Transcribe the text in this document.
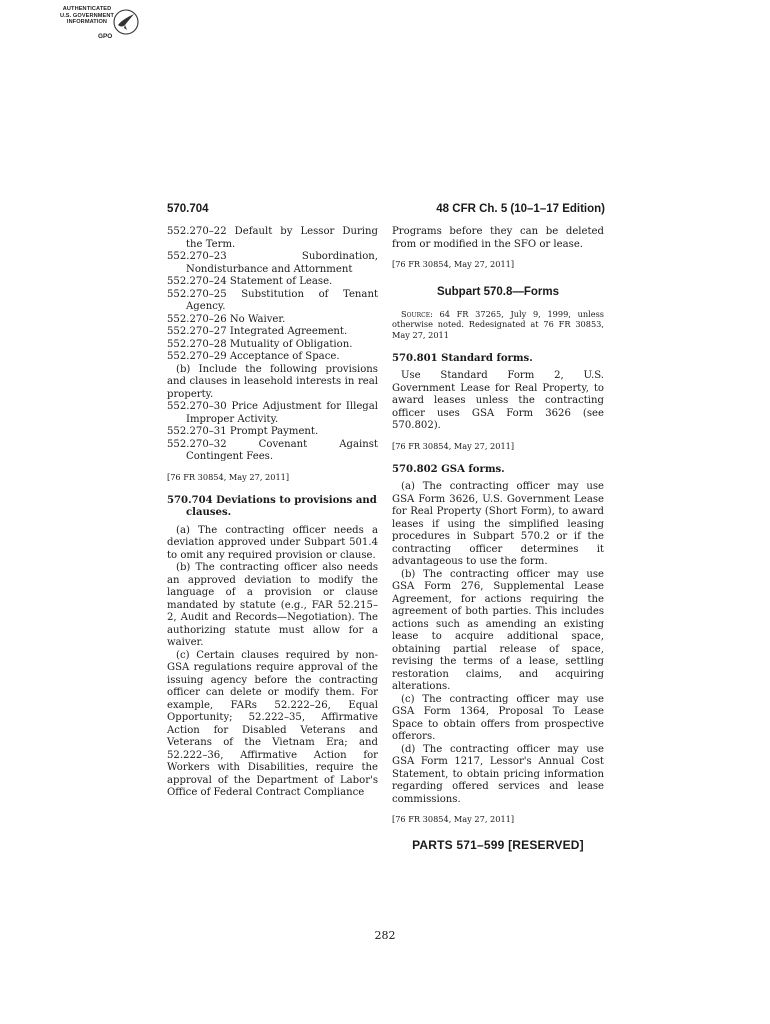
AUTHENTICATED
U.S. GOVERNMENT
INFORMATION
GPO
570.704	48 CFR Ch. 5 (10–1–17 Edition)

552.270–22 Default by Lessor During the Term.

552.270–23 Subordination, Nondisturbance and Attornment

552.270–24 Statement of Lease.

552.270–25 Substitution of Tenant Agency.

552.270–26 No Waiver.

552.270–27 Integrated Agreement.

552.270–28 Mutuality of Obligation.

552.270–29 Acceptance of Space.

(b) Include the following provisions and clauses in leasehold interests in real property.

552.270–30 Price Adjustment for Illegal Improper Activity.

552.270–31 Prompt Payment.

552.270–32 Covenant Against Contingent Fees.

[76 FR 30854, May 27, 2011]

570.704 Deviations to provisions and clauses.

(a) The contracting officer needs a deviation approved under Subpart 501.4 to omit any required provision or clause.

(b) The contracting officer also needs an approved deviation to modify the language of a provision or clause mandated by statute (e.g., FAR 52.215–2, Audit and Records—Negotiation). The authorizing statute must allow for a waiver.

(c) Certain clauses required by non-GSA regulations require approval of the issuing agency before the contracting officer can delete or modify them. For example, FARs 52.222–26, Equal Opportunity; 52.222–35, Affirmative Action for Disabled Veterans and Veterans of the Vietnam Era; and 52.222–36, Affirmative Action for Workers with Disabilities, require the approval of the Department of Labor's Office of Federal Contract Compliance

Programs before they can be deleted from or modified in the SFO or lease.

[76 FR 30854, May 27, 2011]

Subpart 570.8—Forms

Source: 64 FR 37265, July 9, 1999, unless otherwise noted. Redesignated at 76 FR 30853, May 27, 2011

570.801 Standard forms.

Use Standard Form 2, U.S. Government Lease for Real Property, to award leases unless the contracting officer uses GSA Form 3626 (see 570.802).

[76 FR 30854, May 27, 2011]

570.802 GSA forms.

(a) The contracting officer may use GSA Form 3626, U.S. Government Lease for Real Property (Short Form), to award leases if using the simplified leasing procedures in Subpart 570.2 or if the contracting officer determines it advantageous to use the form.

(b) The contracting officer may use GSA Form 276, Supplemental Lease Agreement, for actions requiring the agreement of both parties. This includes actions such as amending an existing lease to acquire additional space, obtaining partial release of space, revising the terms of a lease, settling restoration claims, and acquiring alterations.

(c) The contracting officer may use GSA Form 1364, Proposal To Lease Space to obtain offers from prospective offerors.

(d) The contracting officer may use GSA Form 1217, Lessor's Annual Cost Statement, to obtain pricing information regarding offered services and lease commissions.

[76 FR 30854, May 27, 2011]

PARTS 571–599 [RESERVED]
282
